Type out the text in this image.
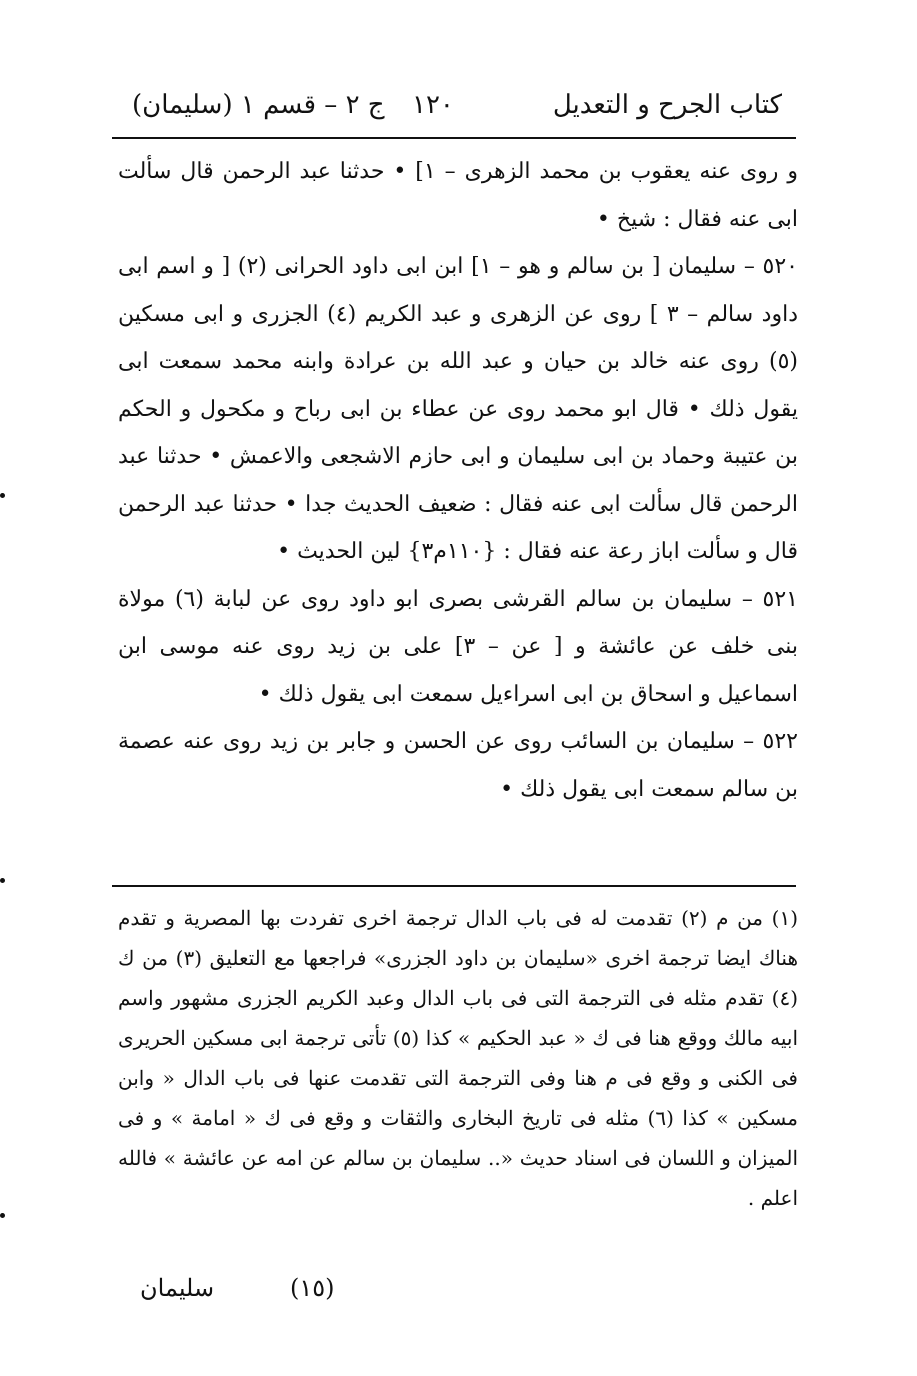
كتاب الجرح و التعديل
١٢٠
(سليمان) ج ٢ – قسم ١

و روى عنه يعقوب بن محمد الزهرى – ١] • حدثنا عبد الرحمن قال سألت ابى عنه فقال : شيخ •

٥٢٠ – سليمان [ بن سالم و هو – ١] ابن ابى داود الحرانى (٢) [ و اسم ابى داود سالم – ٣ ] روى عن الزهرى و عبد الكريم (٤) الجزرى و ابى مسكين (٥) روى عنه خالد بن حيان و عبد الله بن عرادة وابنه محمد سمعت ابى يقول ذلك • قال ابو محمد روى عن عطاء بن ابى رباح و مكحول و الحكم بن عتيبة وحماد بن ابى سليمان و ابى حازم الاشجعى والاعمش • حدثنا عبد الرحمن قال سألت ابى عنه فقال : ضعيف الحديث جدا • حدثنا عبد الرحمن قال و سألت اباز رعة عنه فقال : {١١٠م٣} لين الحديث •

٥٢١ – سليمان بن سالم القرشى بصرى ابو داود روى عن لبابة (٦) مولاة بنى خلف عن عائشة و [ عن – ٣] على بن زيد روى عنه موسى ابن اسماعيل و اسحاق بن ابى اسراءيل سمعت ابى يقول ذلك •

٥٢٢ – سليمان بن السائب روى عن الحسن و جابر بن زيد روى عنه عصمة بن سالم سمعت ابى يقول ذلك •

(١) من م (٢) تقدمت له فى باب الدال ترجمة اخرى تفردت بها المصرية و تقدم هناك ايضا ترجمة اخرى «سليمان بن داود الجزرى» فراجعها مع التعليق (٣) من ك (٤) تقدم مثله فى الترجمة التى فى باب الدال وعبد الكريم الجزرى مشهور واسم ابيه مالك ووقع هنا فى ك « عبد الحكيم » كذا (٥) تأتى ترجمة ابى مسكين الحريرى فى الكنى و وقع فى م هنا وفى الترجمة التى تقدمت عنها فى باب الدال « وابن مسكين » كذا (٦) مثله فى تاريخ البخارى والثقات و وقع فى ك « امامة » و فى الميزان و اللسان فى اسناد حديث «.. سليمان بن سالم عن امه عن عائشة » فالله اعلم .

(١٥)
سليمان
